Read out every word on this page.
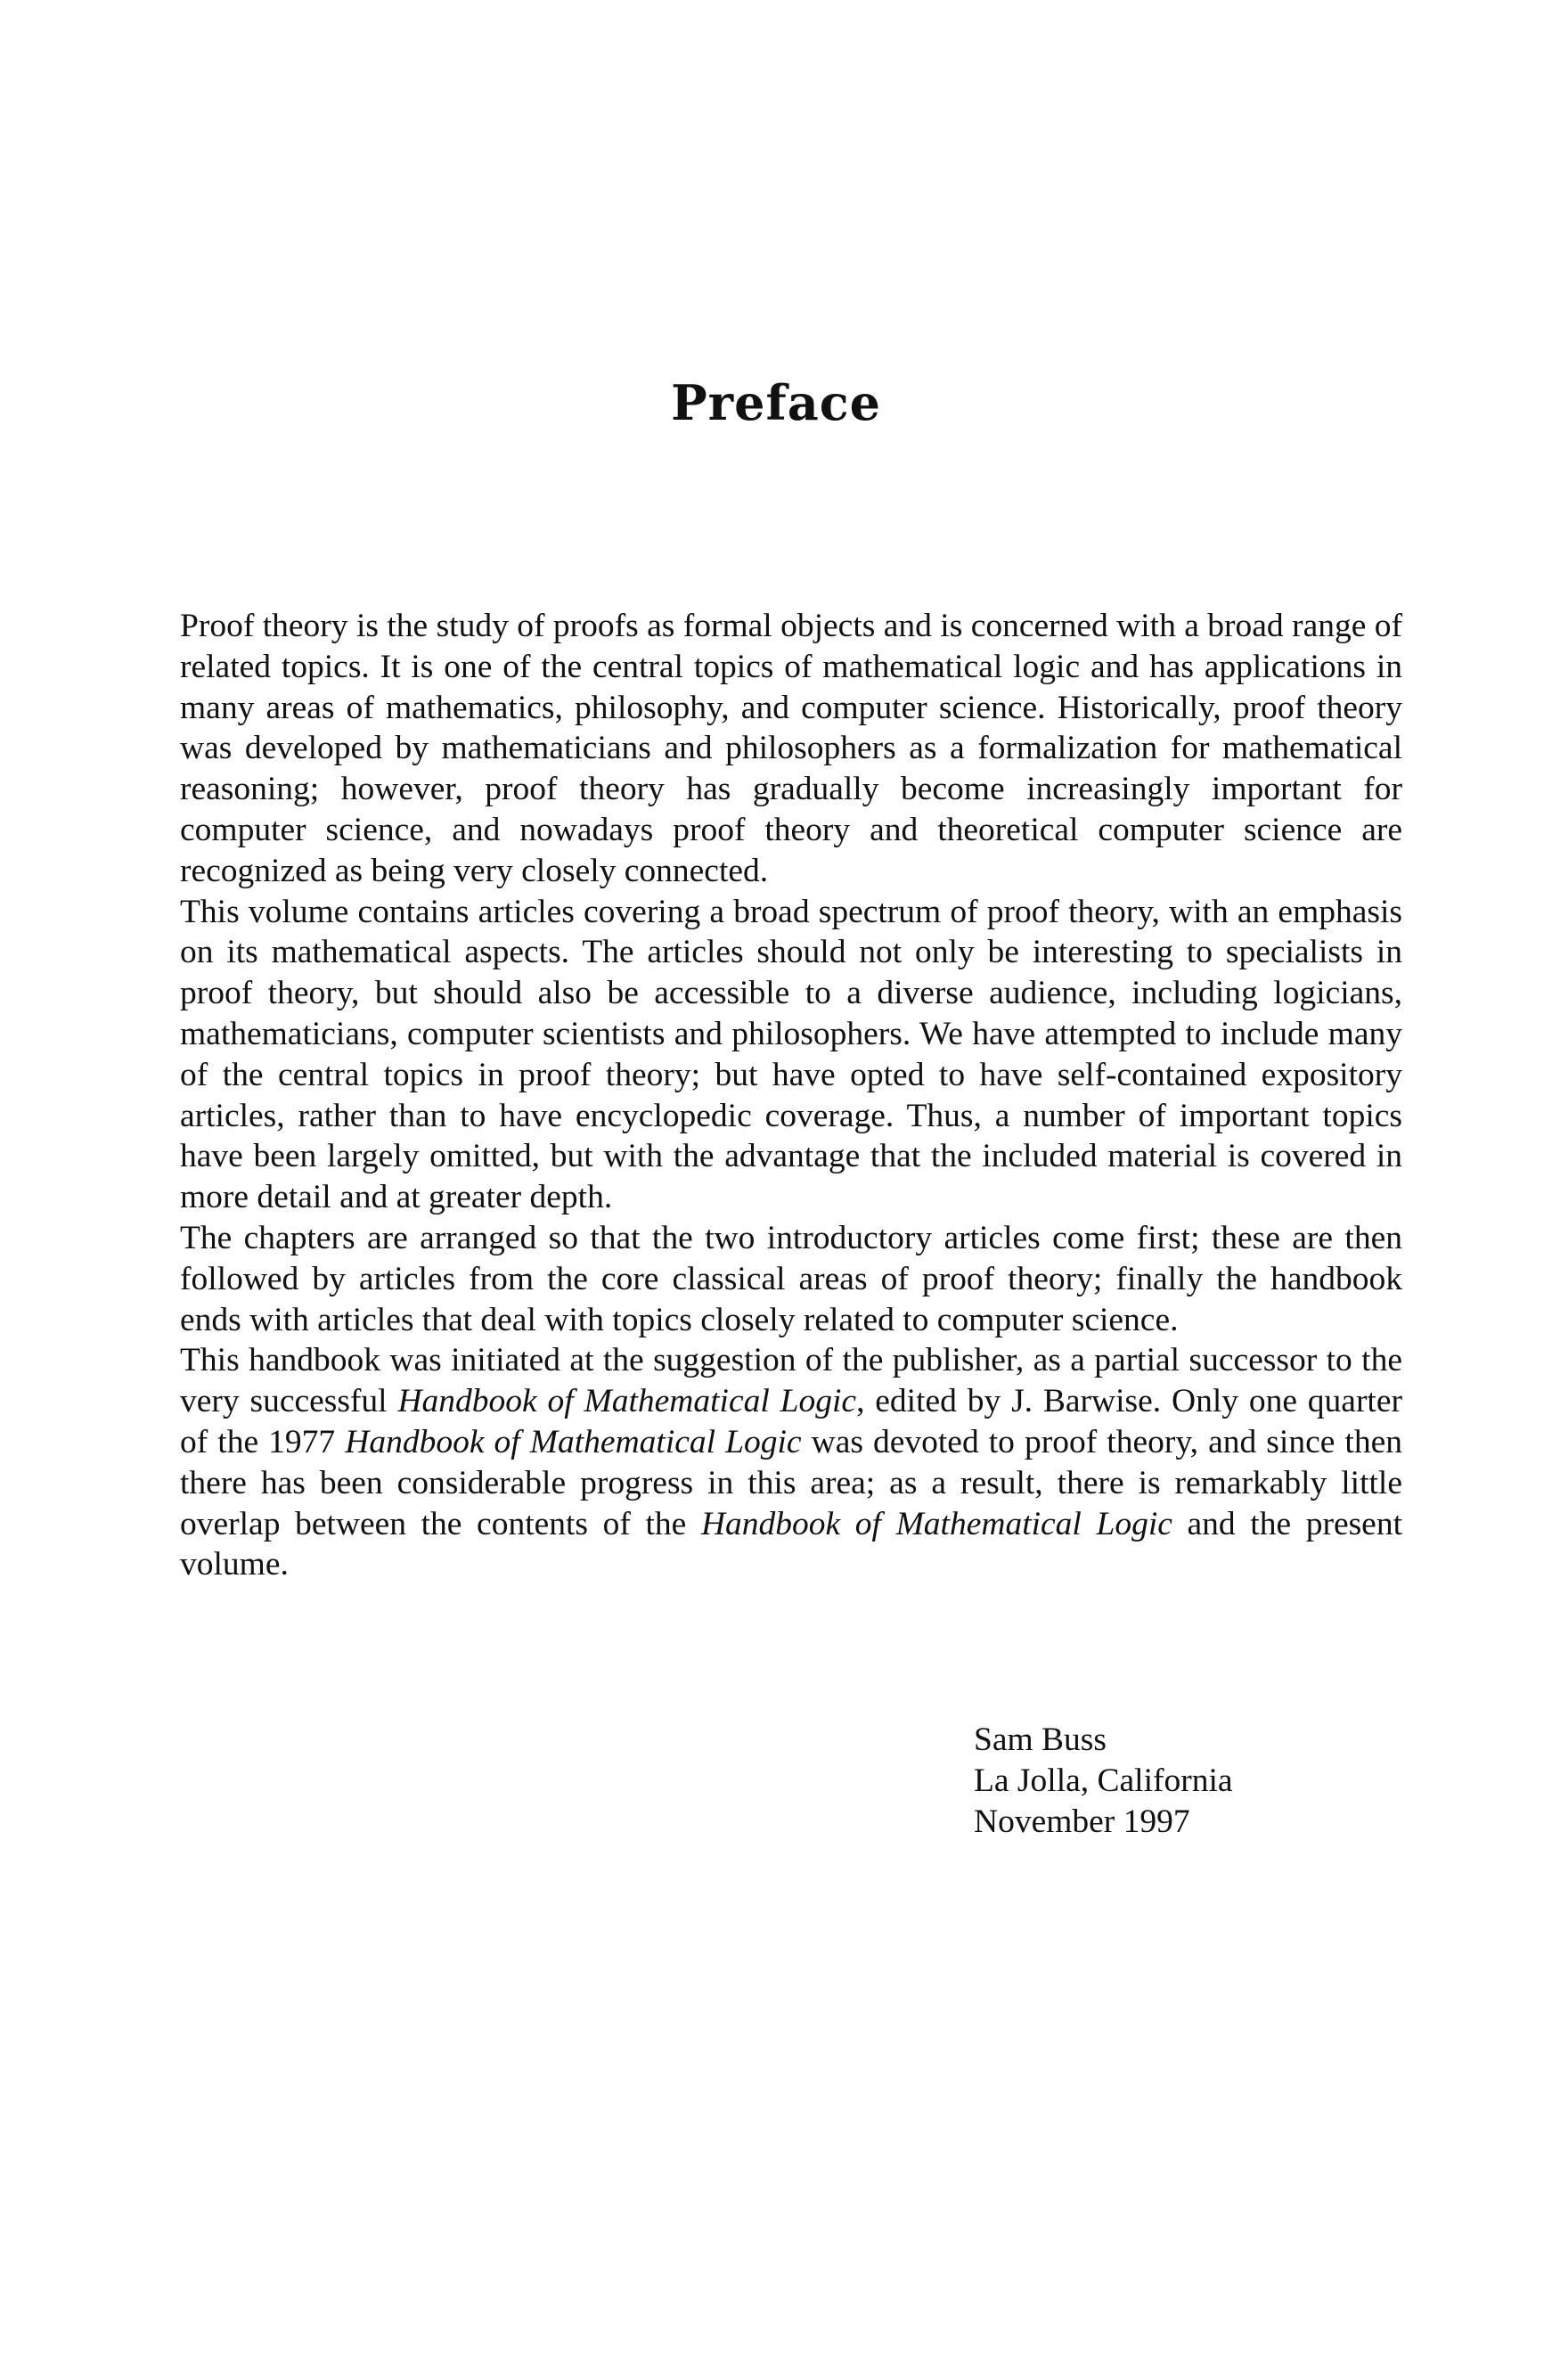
Preface

Proof theory is the study of proofs as formal objects and is concerned with a broad range of related topics. It is one of the central topics of mathematical logic and has applications in many areas of mathematics, philosophy, and computer science. Historically, proof theory was developed by mathematicians and philosophers as a formalization for mathematical reasoning; however, proof theory has gradually become increasingly important for computer science, and nowadays proof theory and theoretical computer science are recognized as being very closely connected.

This volume contains articles covering a broad spectrum of proof theory, with an emphasis on its mathematical aspects. The articles should not only be interesting to specialists in proof theory, but should also be accessible to a diverse audience, including logicians, mathematicians, computer scientists and philosophers. We have attempted to include many of the central topics in proof theory; but have opted to have self-contained expository articles, rather than to have encyclopedic coverage. Thus, a number of important topics have been largely omitted, but with the advantage that the included material is covered in more detail and at greater depth.

The chapters are arranged so that the two introductory articles come first; these are then followed by articles from the core classical areas of proof theory; finally the handbook ends with articles that deal with topics closely related to computer science.

This handbook was initiated at the suggestion of the publisher, as a partial successor to the very successful Handbook of Mathematical Logic, edited by J. Barwise. Only one quarter of the 1977 Handbook of Mathematical Logic was devoted to proof theory, and since then there has been considerable progress in this area; as a result, there is remarkably little overlap between the contents of the Handbook of Mathematical Logic and the present volume.

Sam Buss
La Jolla, California
November 1997
